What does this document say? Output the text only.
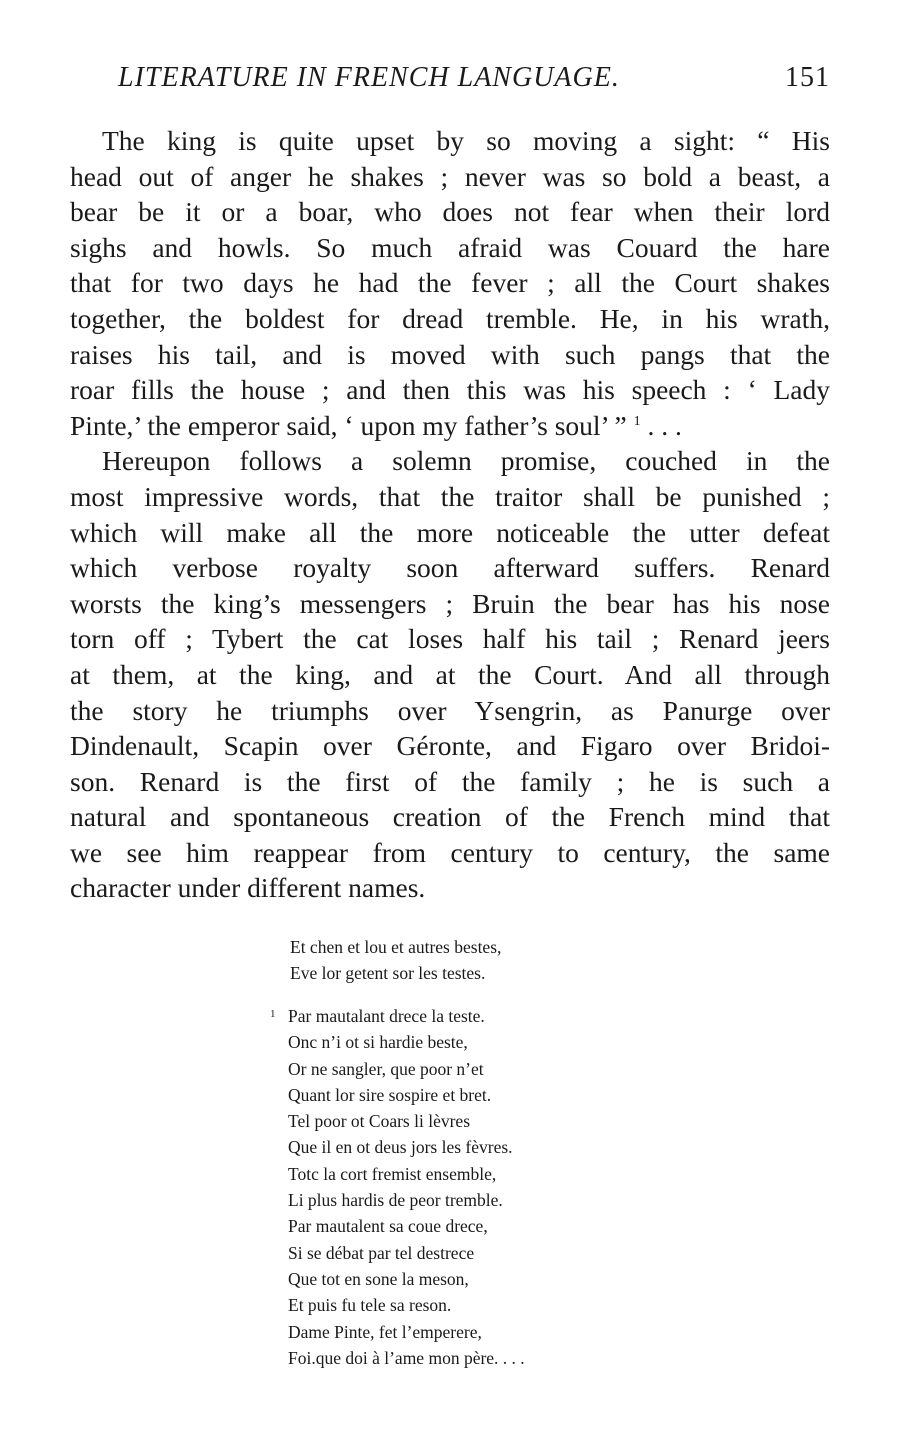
LITERATURE IN FRENCH LANGUAGE.	151
The king is quite upset by so moving a sight: “ His
head out of anger he shakes ; never was so bold a beast, a
bear be it or a boar, who does not fear when their lord
sighs and howls. So much afraid was Couard the hare
that for two days he had the fever ; all the Court shakes
together, the boldest for dread tremble. He, in his wrath,
raises his tail, and is moved with such pangs that the
roar fills the house ; and then this was his speech : ‘ Lady
Pinte,’ the emperor said, ‘ upon my father’s soul’ ” $^1$ . . .
Hereupon follows a solemn promise, couched in the
most impressive words, that the traitor shall be punished ;
which will make all the more noticeable the utter defeat
which verbose royalty soon afterward suffers. Renard
worsts the king’s messengers ; Bruin the bear has his nose
torn off ; Tybert the cat loses half his tail ; Renard jeers
at them, at the king, and at the Court. And all through
the story he triumphs over Ysengrin, as Panurge over
Dindenault, Scapin over Géronte, and Figaro over Bridoi-
son. Renard is the first of the family ; he is such a
natural and spontaneous creation of the French mind that
we see him reappear from century to century, the same
character under different names.
Et chen et lou et autres bestes,
Eve lor getent sor les testes.
1 Par mautalant drece la teste.
Onc n’i ot si hardie beste,
Or ne sangler, que poor n’et
Quant lor sire sospire et bret.
Tel poor ot Coars li lèvres
Que il en ot deus jors les fèvres.
Totc la cort fremist ensemble,
Li plus hardis de peor tremble.
Par mautalent sa coue drece,
Si se débat par tel destrece
Que tot en sone la meson,
Et puis fu tele sa reson.
Dame Pinte, fet l’emperere,
Foi.que doi à l’ame mon père. . . .
